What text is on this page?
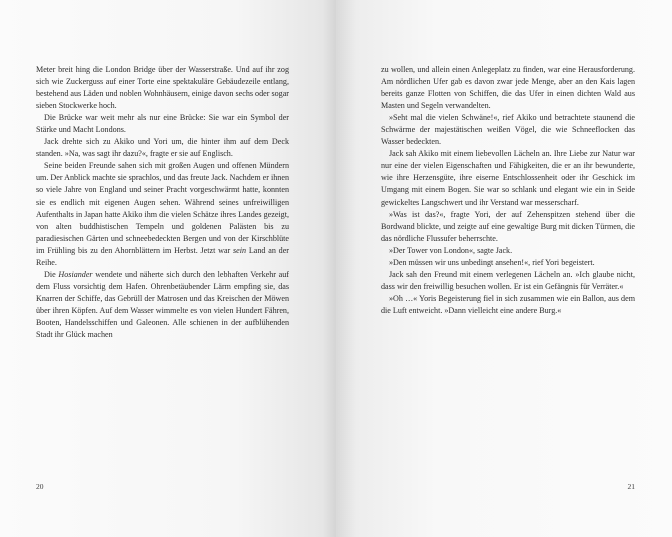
Meter breit hing die London Bridge über der Wasserstraße. Und auf ihr zog sich wie Zuckerguss auf einer Torte eine spektakuläre Gebäudezeile entlang, bestehend aus Läden und noblen Wohnhäusern, einige davon sechs oder sogar sieben Stockwerke hoch.

Die Brücke war weit mehr als nur eine Brücke: Sie war ein Symbol der Stärke und Macht Londons.

Jack drehte sich zu Akiko und Yori um, die hinter ihm auf dem Deck standen. »Na, was sagt ihr dazu?«, fragte er sie auf Englisch.

Seine beiden Freunde sahen sich mit großen Augen und offenen Mündern um. Der Anblick machte sie sprachlos, und das freute Jack. Nachdem er ihnen so viele Jahre von England und seiner Pracht vorgeschwärmt hatte, konnten sie es endlich mit eigenen Augen sehen. Während seines unfreiwilligen Aufenthalts in Japan hatte Akiko ihm die vielen Schätze ihres Landes gezeigt, von alten buddhistischen Tempeln und goldenen Palästen bis zu paradiesischen Gärten und schneebedeckten Bergen und von der Kirschblüte im Frühling bis zu den Ahornblättern im Herbst. Jetzt war sein Land an der Reihe.

Die Hosiander wendete und näherte sich durch den lebhaften Verkehr auf dem Fluss vorsichtig dem Hafen. Ohrenbetäubender Lärm empfing sie, das Knarren der Schiffe, das Gebrüll der Matrosen und das Kreischen der Möwen über ihren Köpfen. Auf dem Wasser wimmelte es von vielen Hundert Fähren, Booten, Handelsschiffen und Galeonen. Alle schienen in der aufblühenden Stadt ihr Glück machen

20

zu wollen, und allein einen Anlegeplatz zu finden, war eine Herausforderung. Am nördlichen Ufer gab es davon zwar jede Menge, aber an den Kais lagen bereits ganze Flotten von Schiffen, die das Ufer in einen dichten Wald aus Masten und Segeln verwandelten.

»Seht mal die vielen Schwäne!«, rief Akiko und betrachtete staunend die Schwärme der majestätischen weißen Vögel, die wie Schneeflocken das Wasser bedeckten.

Jack sah Akiko mit einem liebevollen Lächeln an. Ihre Liebe zur Natur war nur eine der vielen Eigenschaften und Fähigkeiten, die er an ihr bewunderte, wie ihre Herzensgüte, ihre eiserne Entschlossenheit oder ihr Geschick im Umgang mit einem Bogen. Sie war so schlank und elegant wie ein in Seide gewickeltes Langschwert und ihr Verstand war messerscharf.

»Was ist das?«, fragte Yori, der auf Zehenspitzen stehend über die Bordwand blickte, und zeigte auf eine gewaltige Burg mit dicken Türmen, die das nördliche Flussufer beherrschte.

»Der Tower von London«, sagte Jack.

»Den müssen wir uns unbedingt ansehen!«, rief Yori begeistert.

Jack sah den Freund mit einem verlegenen Lächeln an. »Ich glaube nicht, dass wir den freiwillig besuchen wollen. Er ist ein Gefängnis für Verräter.«

»Oh …« Yoris Begeisterung fiel in sich zusammen wie ein Ballon, aus dem die Luft entweicht. »Dann vielleicht eine andere Burg.«

21
